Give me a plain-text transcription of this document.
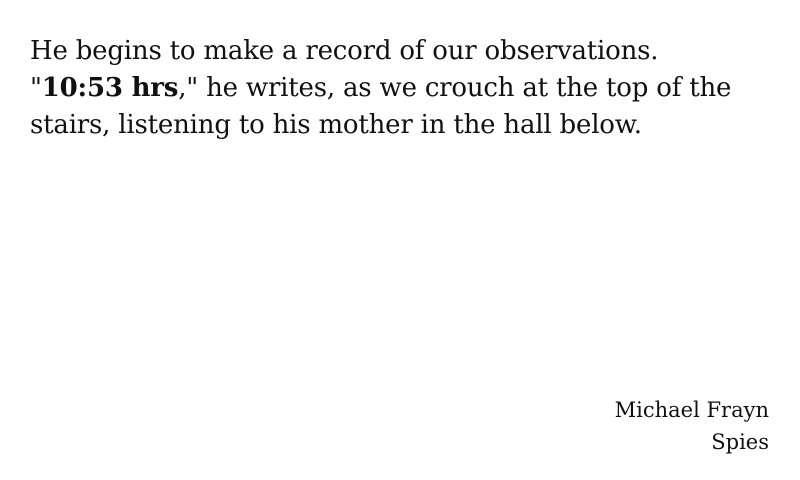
He begins to make a record of our observations. "10:53 hrs," he writes, as we crouch at the top of the stairs, listening to his mother in the hall below.

Michael Frayn
Spies
